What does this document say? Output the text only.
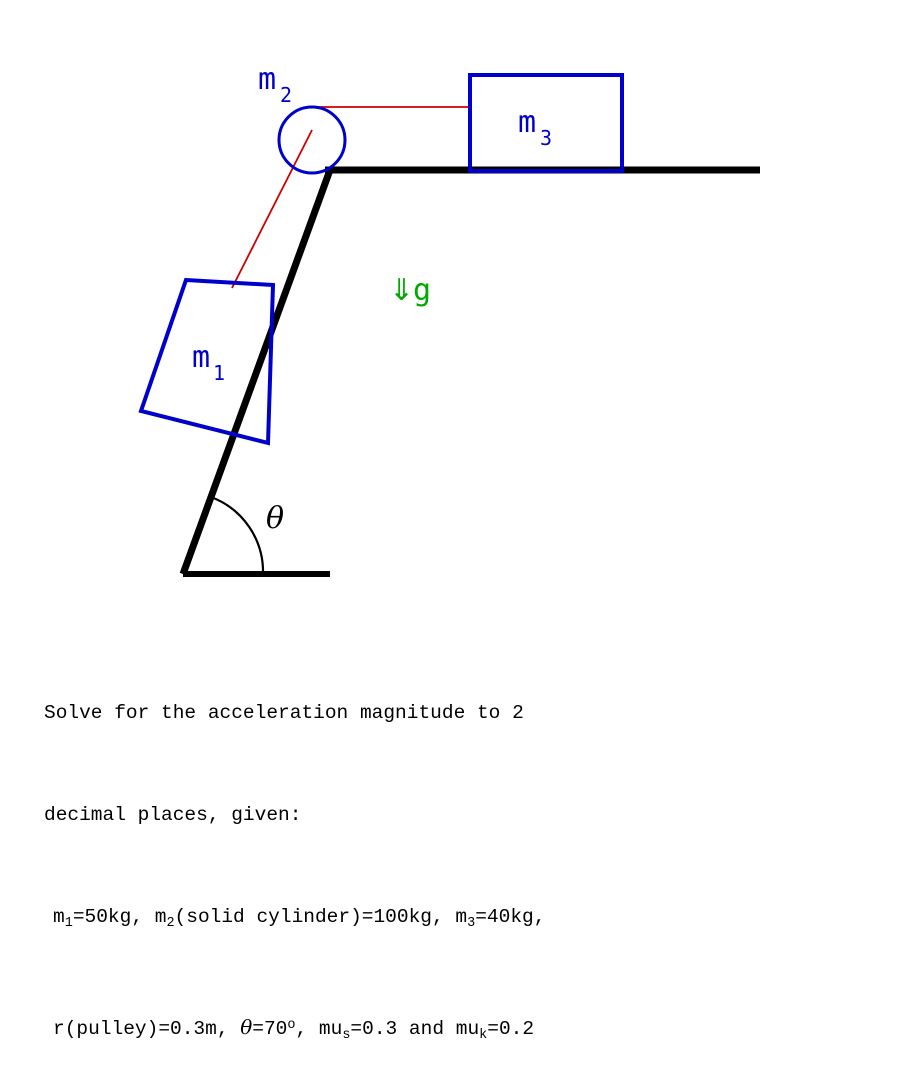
θ
m 1
m 2
m 3
⇓
g

Solve for the acceleration magnitude to 2

decimal places, given:

$m_1=50kg$, $m_2(solid$ cylinder)=100kg, $m_3=40kg$,

r(pulley)=0.3m, $\theta=70^o$, $mu_s=0.3$ and $mu_k=0.2$
